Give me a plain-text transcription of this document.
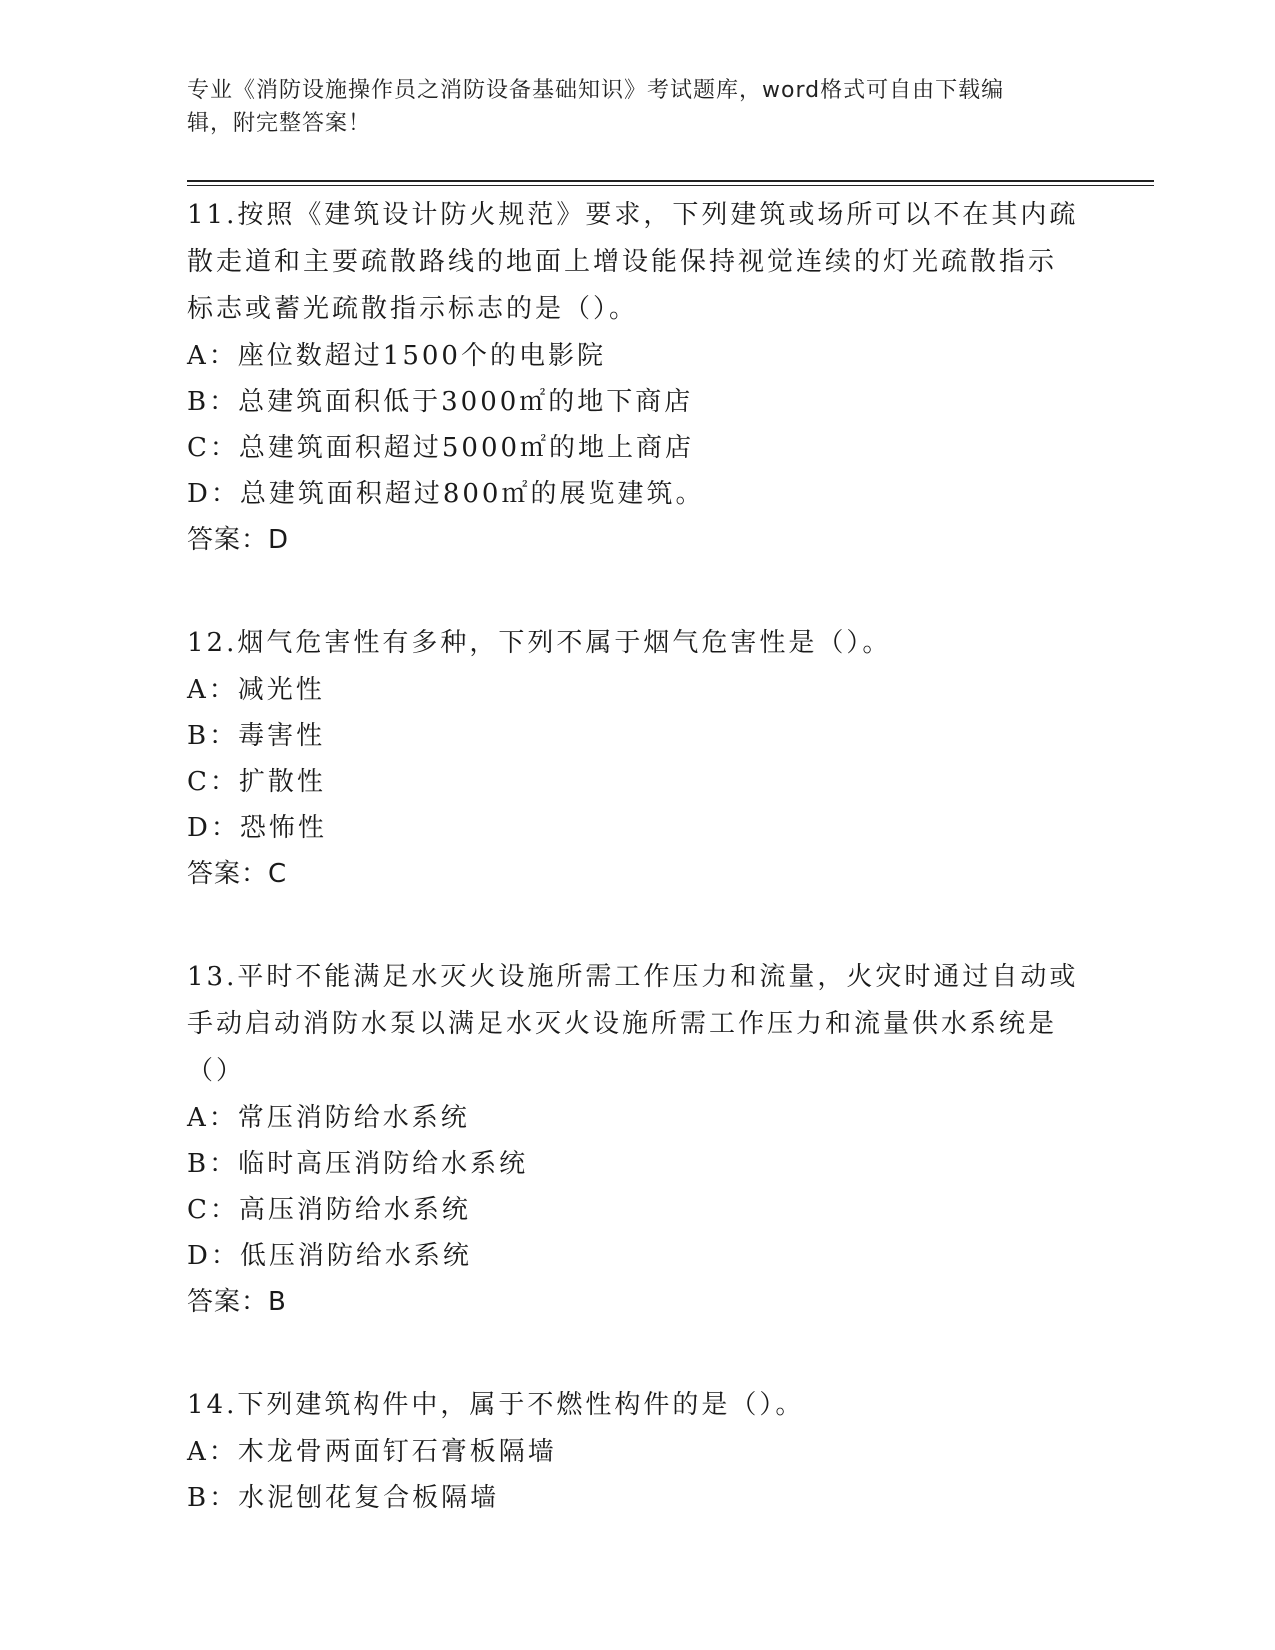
专业《消防设施操作员之消防设备基础知识》考试题库，word格式可自由下载编
辑，附完整答案！
11.按照《建筑设计防火规范》要求，下列建筑或场所可以不在其内疏
散走道和主要疏散路线的地面上增设能保持视觉连续的灯光疏散指示
标志或蓄光疏散指示标志的是（）。
A：座位数超过1500个的电影院
B：总建筑面积低于3000㎡的地下商店
C：总建筑面积超过5000㎡的地上商店
D：总建筑面积超过800㎡的展览建筑。
答案：D
12.烟气危害性有多种，下列不属于烟气危害性是（）。
A：减光性
B：毒害性
C：扩散性
D：恐怖性
答案：C
13.平时不能满足水灭火设施所需工作压力和流量，火灾时通过自动或
手动启动消防水泵以满足水灭火设施所需工作压力和流量供水系统是
（）
A：常压消防给水系统
B：临时高压消防给水系统
C：高压消防给水系统
D：低压消防给水系统
答案：B
14.下列建筑构件中，属于不燃性构件的是（）。
A：木龙骨两面钉石膏板隔墙
B：水泥刨花复合板隔墙
